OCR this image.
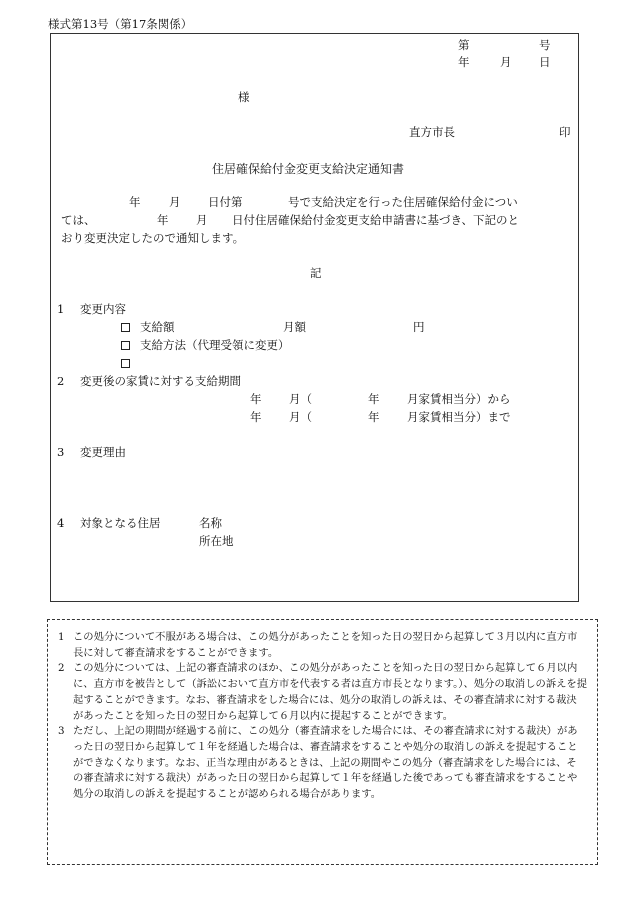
様式第13号（第17条関係）
第	号
年	月 日
様
直方市長	印
住居確保給付金変更支給決定通知書
年 月 日付第	号で支給決定を行った住居確保給付金につい
ては、	年 月 日付住居確保給付金変更支給申請書に基づき、下記のと
おり変更決定したので通知します。
記
1 変更内容
支給額	月額	円
支給方法（代理受領に変更）
2 変更後の家賃に対する支給期間
年 月（	年 月家賃相当分）から
年 月（	年 月家賃相当分）まで
3 変更理由
4 対象となる住居	名称
所在地
1 この処分について不服がある場合は、この処分があったことを知った日の翌日から起算して３月以内に直方市長に対して審査請求をすることができます。
2 この処分については、上記の審査請求のほか、この処分があったことを知った日の翌日から起算して６月以内に、直方市を被告として（訴訟において直方市を代表する者は直方市長となります。）、処分の取消しの訴えを提起することができます。なお、審査請求をした場合には、処分の取消しの訴えは、その審査請求に対する裁決があったことを知った日の翌日から起算して６月以内に提起することができます。
3 ただし、上記の期間が経過する前に、この処分（審査請求をした場合には、その審査請求に対する裁決）があった日の翌日から起算して１年を経過した場合は、審査請求をすることや処分の取消しの訴えを提起することができなくなります。なお、正当な理由があるときは、上記の期間やこの処分（審査請求をした場合には、その審査請求に対する裁決）があった日の翌日から起算して１年を経過した後であっても審査請求をすることや処分の取消しの訴えを提起することが認められる場合があります。
